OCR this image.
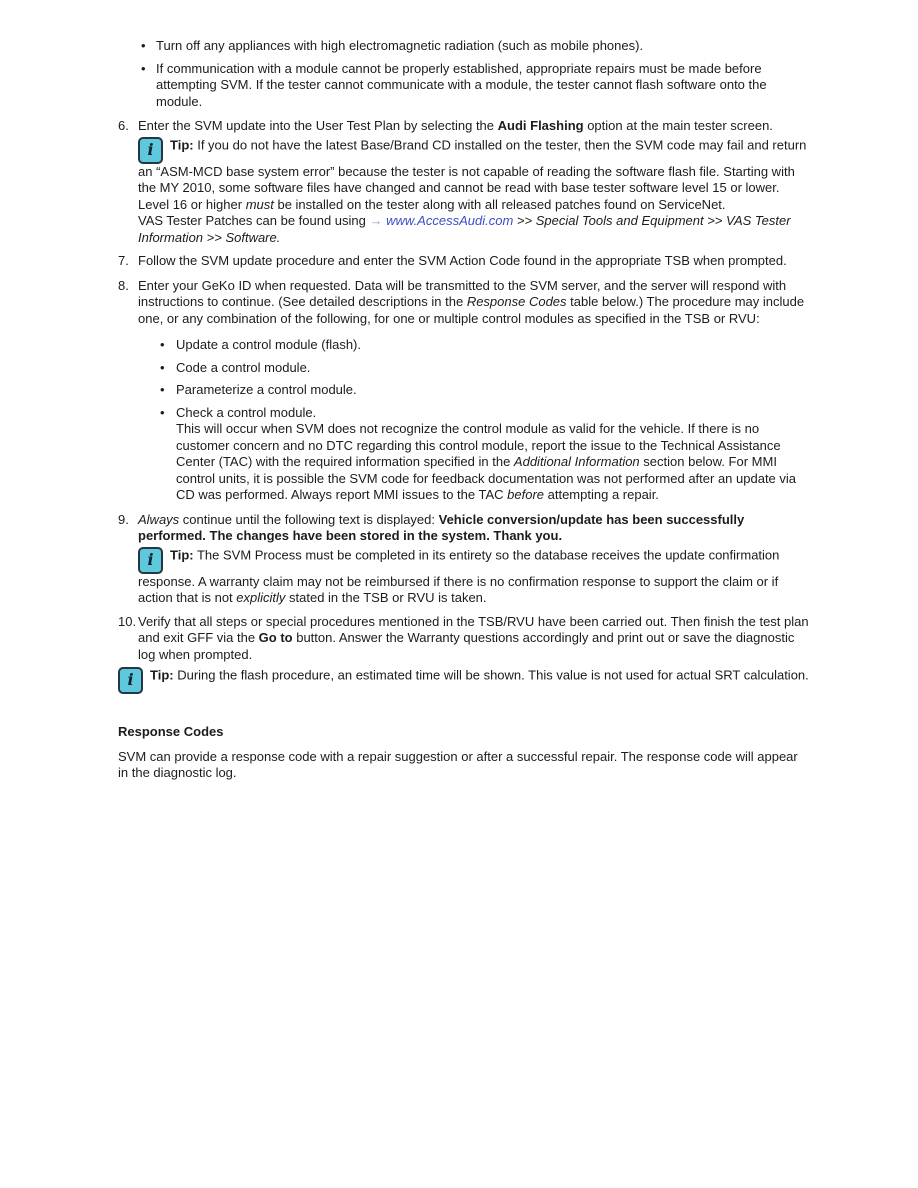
• Turn off any appliances with high electromagnetic radiation (such as mobile phones).
• If communication with a module cannot be properly established, appropriate repairs must be made before attempting SVM. If the tester cannot communicate with a module, the tester cannot flash software onto the module.
6. Enter the SVM update into the User Test Plan by selecting the Audi Flashing option at the main tester screen.
i Tip: If you do not have the latest Base/Brand CD installed on the tester, then the SVM code may fail and return an “ASM-MCD base system error” because the tester is not capable of reading the software flash file. Starting with the MY 2010, some software files have changed and cannot be read with base tester software level 15 or lower. Level 16 or higher must be installed on the tester along with all released patches found on ServiceNet.
VAS Tester Patches can be found using → www.AccessAudi.com >> Special Tools and Equipment >> VAS Tester Information >> Software.
7. Follow the SVM update procedure and enter the SVM Action Code found in the appropriate TSB when prompted.
8. Enter your GeKo ID when requested. Data will be transmitted to the SVM server, and the server will respond with instructions to continue. (See detailed descriptions in the Response Codes table below.) The procedure may include one, or any combination of the following, for one or multiple control modules as specified in the TSB or RVU:
• Update a control module (flash).
• Code a control module.
• Parameterize a control module.
• Check a control module.
This will occur when SVM does not recognize the control module as valid for the vehicle. If there is no customer concern and no DTC regarding this control module, report the issue to the Technical Assistance Center (TAC) with the required information specified in the Additional Information section below. For MMI control units, it is possible the SVM code for feedback documentation was not performed after an update via CD was performed. Always report MMI issues to the TAC before attempting a repair.
9. Always continue until the following text is displayed: Vehicle conversion/update has been successfully performed. The changes have been stored in the system. Thank you.
i Tip: The SVM Process must be completed in its entirety so the database receives the update confirmation response. A warranty claim may not be reimbursed if there is no confirmation response to support the claim or if action that is not explicitly stated in the TSB or RVU is taken.
10. Verify that all steps or special procedures mentioned in the TSB/RVU have been carried out. Then finish the test plan and exit GFF via the Go to button. Answer the Warranty questions accordingly and print out or save the diagnostic log when prompted.
i Tip: During the flash procedure, an estimated time will be shown. This value is not used for actual SRT calculation.
Response Codes
SVM can provide a response code with a repair suggestion or after a successful repair. The response code will appear in the diagnostic log.
